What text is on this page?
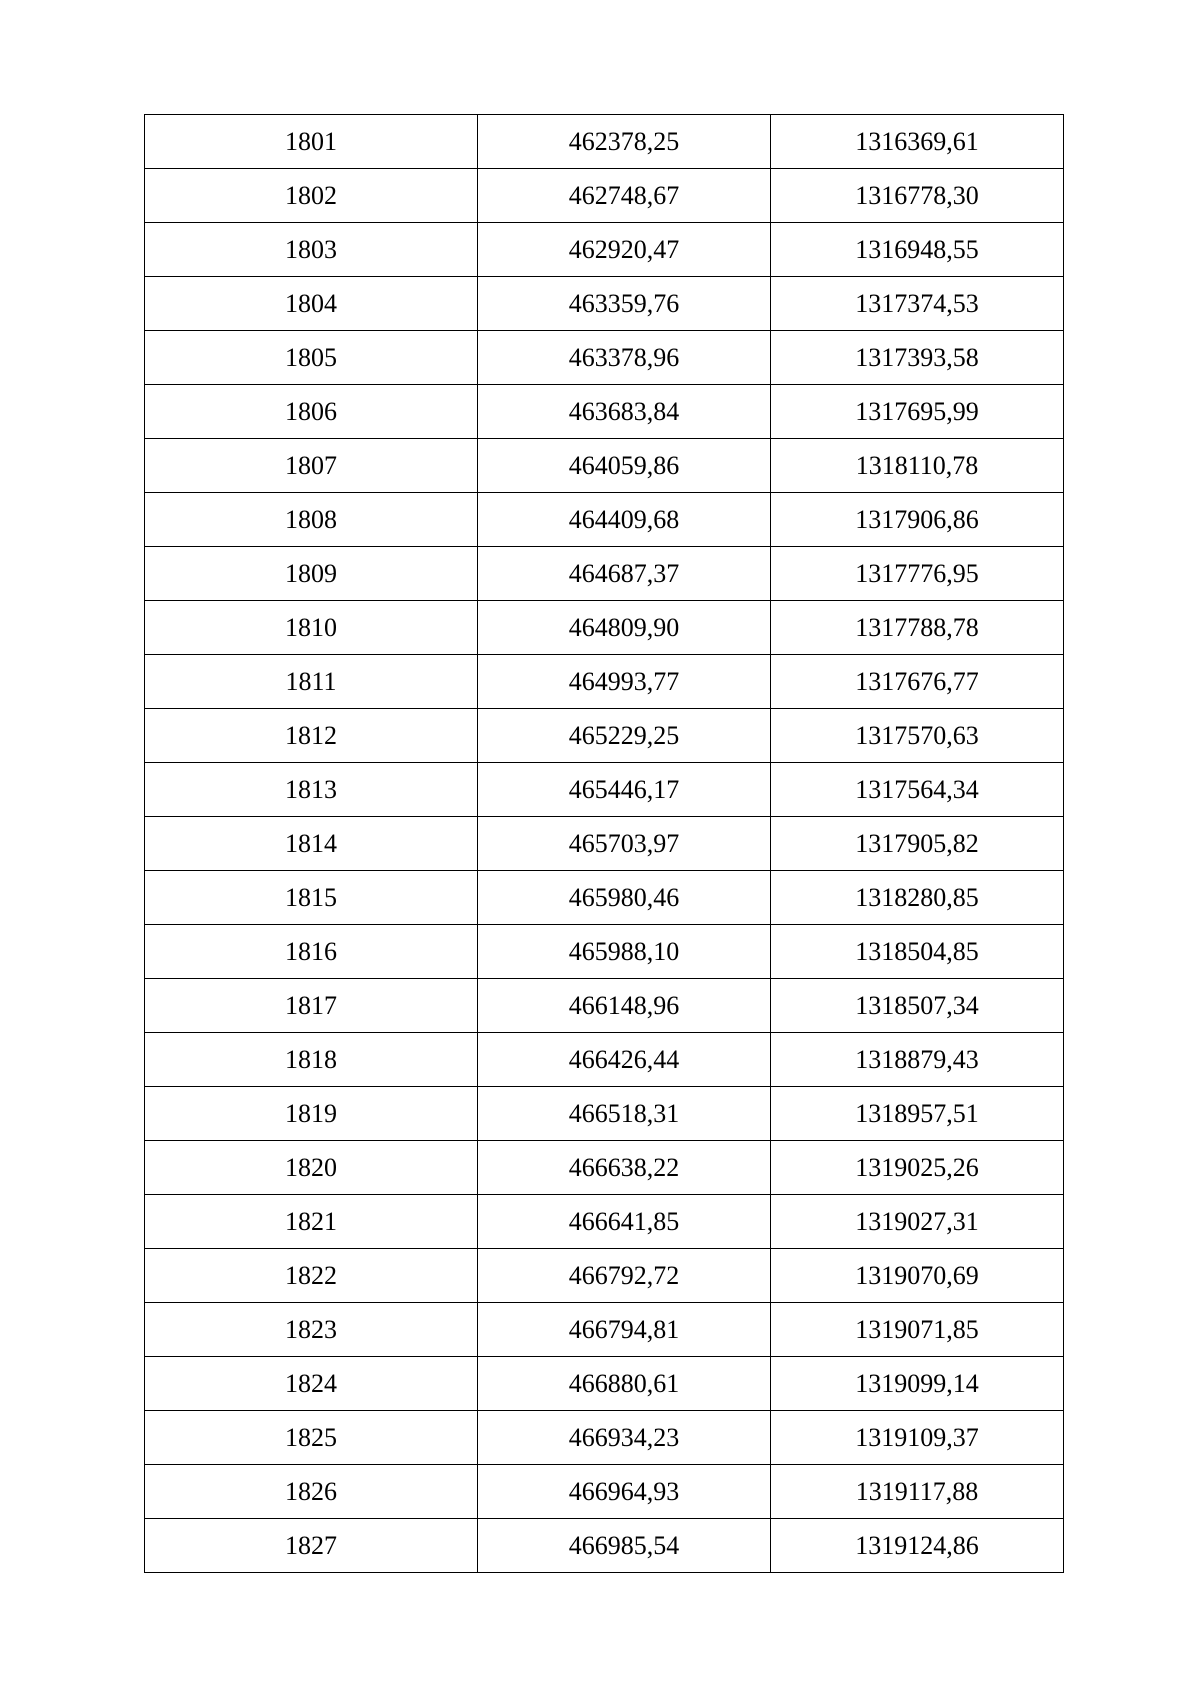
1801	462378,25	1316369,61
1802	462748,67	1316778,30
1803	462920,47	1316948,55
1804	463359,76	1317374,53
1805	463378,96	1317393,58
1806	463683,84	1317695,99
1807	464059,86	1318110,78
1808	464409,68	1317906,86
1809	464687,37	1317776,95
1810	464809,90	1317788,78
1811	464993,77	1317676,77
1812	465229,25	1317570,63
1813	465446,17	1317564,34
1814	465703,97	1317905,82
1815	465980,46	1318280,85
1816	465988,10	1318504,85
1817	466148,96	1318507,34
1818	466426,44	1318879,43
1819	466518,31	1318957,51
1820	466638,22	1319025,26
1821	466641,85	1319027,31
1822	466792,72	1319070,69
1823	466794,81	1319071,85
1824	466880,61	1319099,14
1825	466934,23	1319109,37
1826	466964,93	1319117,88
1827	466985,54	1319124,86
